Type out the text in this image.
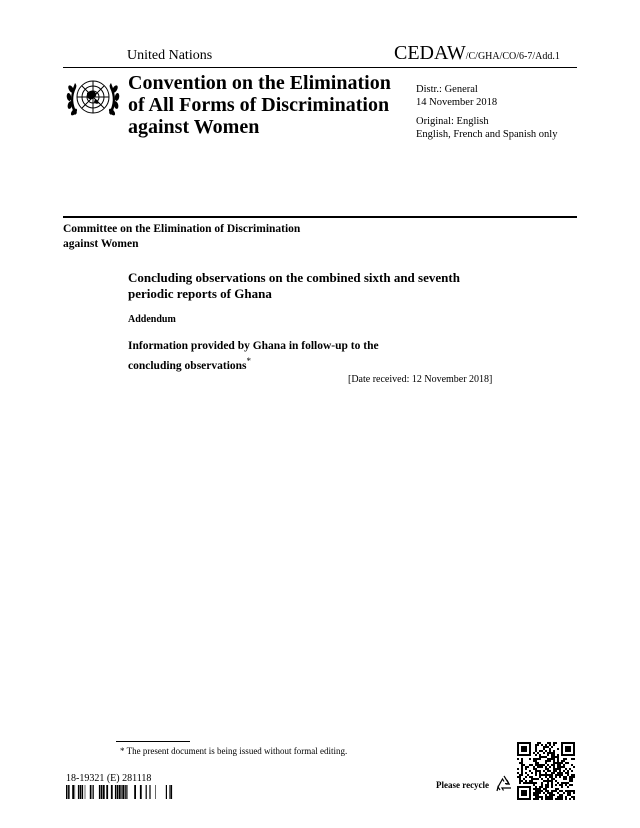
United Nations	CEDAW/C/GHA/CO/6-7/Add.1
Convention on the Elimination
of All Forms of Discrimination
against Women
Distr.: General
14 November 2018
Original: English
English, French and Spanish only
Committee on the Elimination of Discrimination
against Women
Concluding observations on the combined sixth and seventh
periodic reports of Ghana
Addendum
Information provided by Ghana in follow-up to the
concluding observations*
[Date received: 12 November 2018]
* The present document is being issued without formal editing.
18-19321 (E) 281118
Please recycle
